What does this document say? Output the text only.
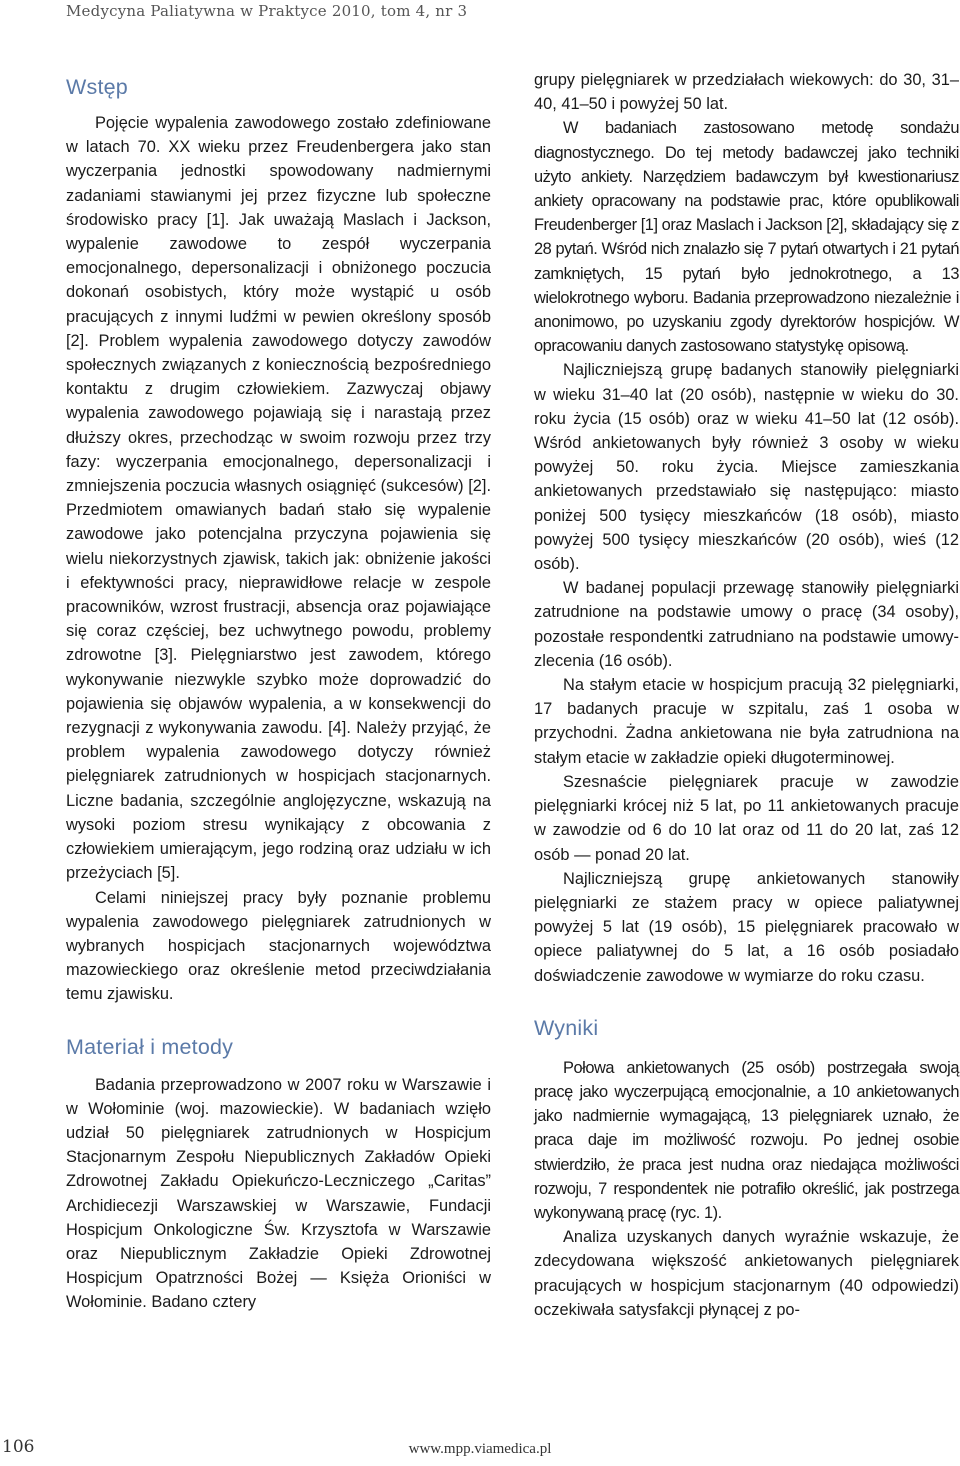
Medycyna Paliatywna w Praktyce 2010, tom 4, nr 3
Wstęp

Pojęcie wypalenia zawodowego zostało zdefiniowane w latach 70. XX wieku przez Freudenbergera jako stan wyczerpania jednostki spowodowany nadmiernymi zadaniami stawianymi jej przez fizyczne lub społeczne środowisko pracy [1]. Jak uważają Maslach i Jackson, wypalenie zawodowe to zespół wyczerpania emocjonalnego, depersonalizacji i obniżonego poczucia dokonań osobistych, który może wystąpić u osób pracujących z innymi ludźmi w pewien określony sposób [2]. Problem wypalenia zawodowego dotyczy zawodów społecznych związanych z koniecznością bezpośredniego kontaktu z drugim człowiekiem. Zazwyczaj objawy wypalenia zawodowego pojawiają się i narastają przez dłuższy okres, przechodząc w swoim rozwoju przez trzy fazy: wyczerpania emocjonalnego, depersonalizacji i zmniejszenia poczucia własnych osiągnięć (sukcesów) [2]. Przedmiotem omawianych badań stało się wypalenie zawodowe jako potencjalna przyczyna pojawienia się wielu niekorzystnych zjawisk, takich jak: obniżenie jakości i efektywności pracy, nieprawidłowe relacje w zespole pracowników, wzrost frustracji, absencja oraz pojawiające się coraz częściej, bez uchwytnego powodu, problemy zdrowotne [3]. Pielęgniarstwo jest zawodem, którego wykonywanie niezwykle szybko może doprowadzić do pojawienia się objawów wypalenia, a w konsekwencji do rezygnacji z wykonywania zawodu. [4]. Należy przyjąć, że problem wypalenia zawodowego dotyczy również pielęgniarek zatrudnionych w hospicjach stacjonarnych. Liczne badania, szczególnie anglojęzyczne, wskazują na wysoki poziom stresu wynikający z obcowania z człowiekiem umierającym, jego rodziną oraz udziału w ich przeżyciach [5].

Celami niniejszej pracy były poznanie problemu wypalenia zawodowego pielęgniarek zatrudnionych w wybranych hospicjach stacjonarnych województwa mazowieckiego oraz określenie metod przeciwdziałania temu zjawisku.

Materiał i metody

Badania przeprowadzono w 2007 roku w Warszawie i w Wołominie (woj. mazowieckie). W badaniach wzięło udział 50 pielęgniarek zatrudnionych w Hospicjum Stacjonarnym Zespołu Niepublicznych Zakładów Opieki Zdrowotnej Zakładu Opiekuńczo-Leczniczego „Caritas” Archidiecezji Warszawskiej w Warszawie, Fundacji Hospicjum Onkologiczne Św. Krzysztofa w Warszawie oraz Niepublicznym Zakładzie Opieki Zdrowotnej Hospicjum Opatrzności Bożej — Księża Orioniści w Wołominie. Badano cztery

grupy pielęgniarek w przedziałach wiekowych: do 30, 31–40, 41–50 i powyżej 50 lat.

W badaniach zastosowano metodę sondażu diagnostycznego. Do tej metody badawczej jako techniki użyto ankiety. Narzędziem badawczym był kwestionariusz ankiety opracowany na podstawie prac, które opublikowali Freudenberger [1] oraz Maslach i Jackson [2], składający się z 28 pytań. Wśród nich znalazło się 7 pytań otwartych i 21 pytań zamkniętych, 15 pytań było jednokrotnego, a 13 wielokrotnego wyboru. Badania przeprowadzono niezależnie i anonimowo, po uzyskaniu zgody dyrektorów hospicjów. W opracowaniu danych zastosowano statystykę opisową.

Najliczniejszą grupę badanych stanowiły pielęgniarki w wieku 31–40 lat (20 osób), następnie w wieku do 30. roku życia (15 osób) oraz w wieku 41–50 lat (12 osób). Wśród ankietowanych były również 3 osoby w wieku powyżej 50. roku życia. Miejsce zamieszkania ankietowanych przedstawiało się następująco: miasto poniżej 500 tysięcy mieszkańców (18 osób), miasto powyżej 500 tysięcy mieszkańców (20 osób), wieś (12 osób).

W badanej populacji przewagę stanowiły pielęgniarki zatrudnione na podstawie umowy o pracę (34 osoby), pozostałe respondentki zatrudniano na podstawie umowy-zlecenia (16 osób).

Na stałym etacie w hospicjum pracują 32 pielęgniarki, 17 badanych pracuje w szpitalu, zaś 1 osoba w przychodni. Żadna ankietowana nie była zatrudniona na stałym etacie w zakładzie opieki długoterminowej.

Szesnaście pielęgniarek pracuje w zawodzie pielęgniarki krócej niż 5 lat, po 11 ankietowanych pracuje w zawodzie od 6 do 10 lat oraz od 11 do 20 lat, zaś 12 osób — ponad 20 lat.

Najliczniejszą grupę ankietowanych stanowiły pielęgniarki ze stażem pracy w opiece paliatywnej powyżej 5 lat (19 osób), 15 pielęgniarek pracowało w opiece paliatywnej do 5 lat, a 16 osób posiadało doświadczenie zawodowe w wymiarze do roku czasu.

Wyniki

Połowa ankietowanych (25 osób) postrzegała swoją pracę jako wyczerpującą emocjonalnie, a 10 ankietowanych jako nadmiernie wymagającą, 13 pielęgniarek uznało, że praca daje im możliwość rozwoju. Po jednej osobie stwierdziło, że praca jest nudna oraz niedająca możliwości rozwoju, 7 respondentek nie potrafiło określić, jak postrzega wykonywaną pracę (ryc. 1).

Analiza uzyskanych danych wyraźnie wskazuje, że zdecydowana większość ankietowanych pielęgniarek pracujących w hospicjum stacjonarnym (40 odpowiedzi) oczekiwała satysfakcji płynącej z po-

106	www.mpp.viamedica.pl
